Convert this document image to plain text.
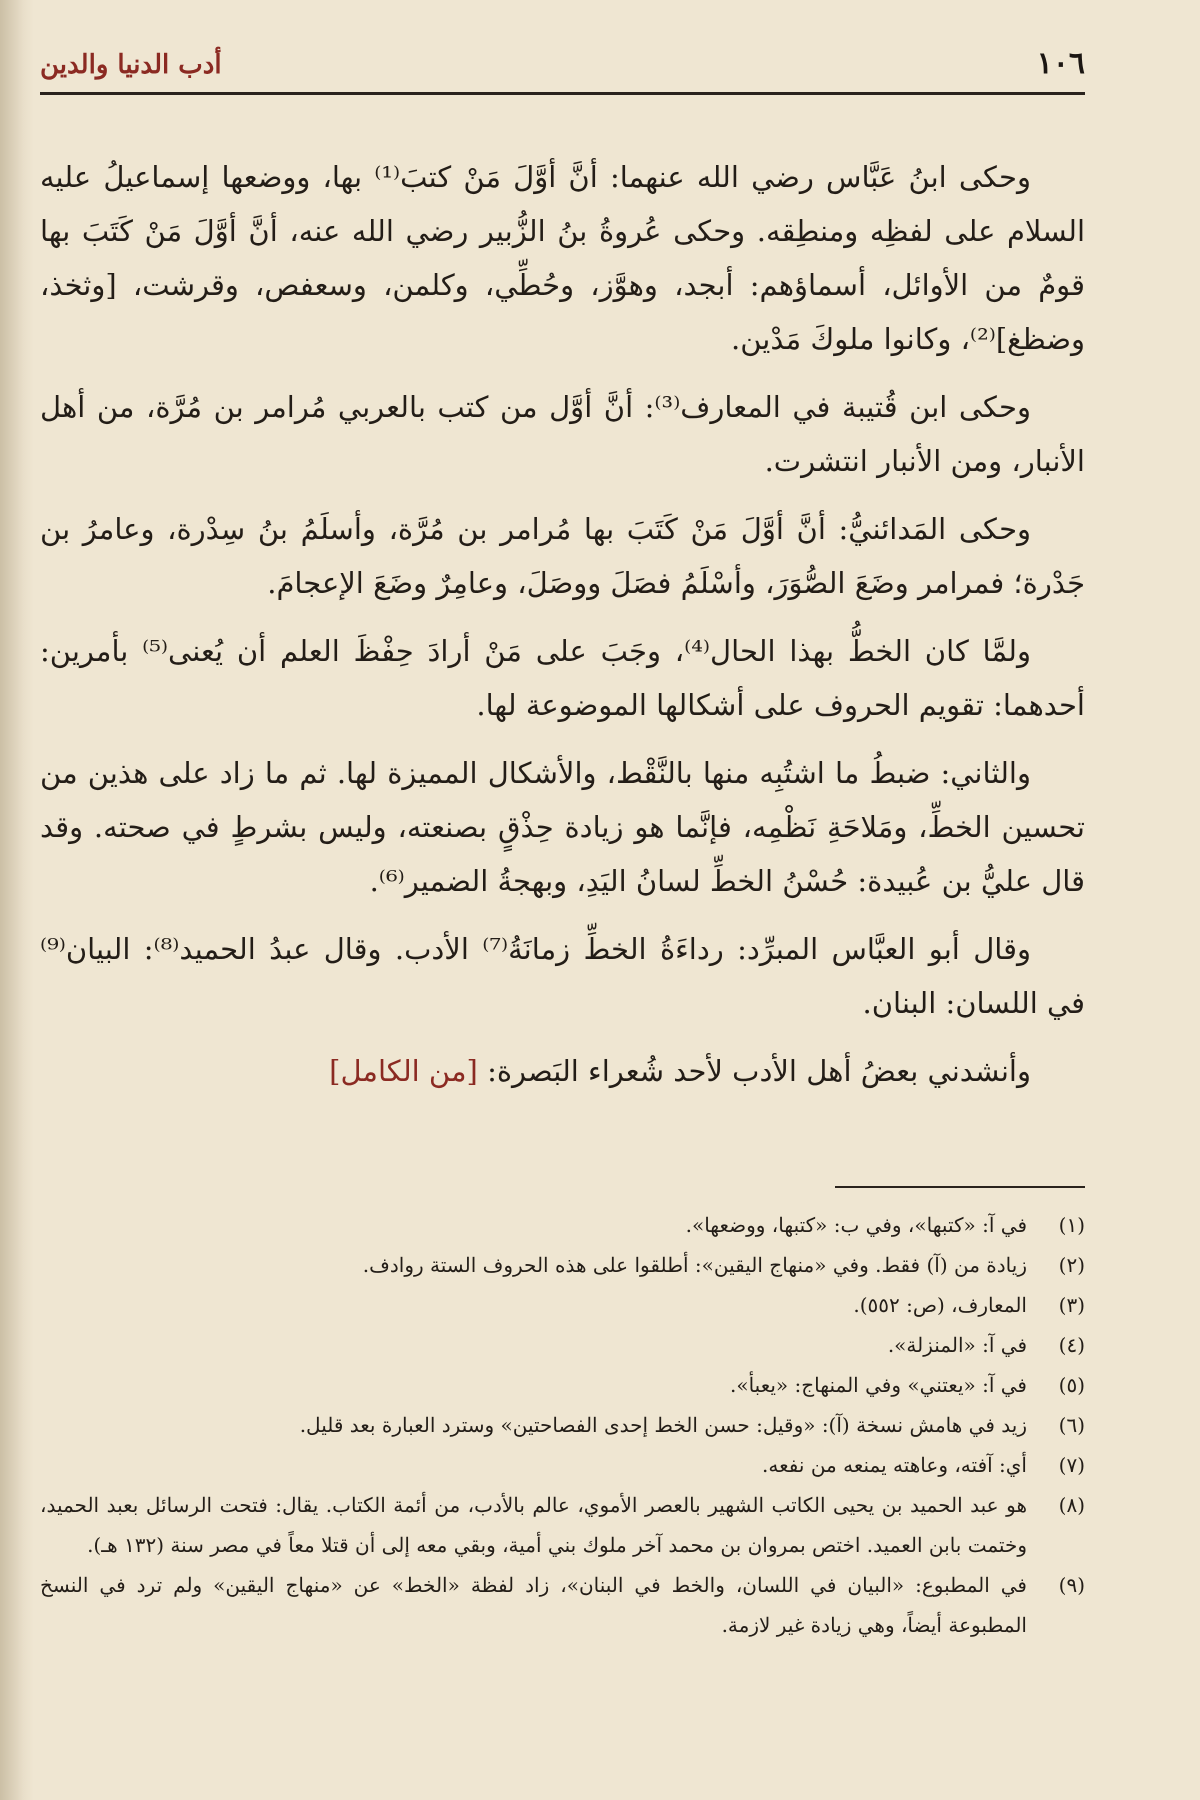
١٠٦
أدب الدنيا والدين

وحكى ابنُ عَبَّاس رضي الله عنهما: أنَّ أوَّلَ مَنْ كتبَ⁽¹⁾ بها، ووضعها إسماعيلُ عليه السلام على لفظِه ومنطِقه. وحكى عُروةُ بنُ الزُّبير رضي الله عنه، أنَّ أوَّلَ مَنْ كَتَبَ بها قومٌ من الأوائل، أسماؤهم: أبجد، وهوَّز، وحُطِّي، وكلمن، وسعفص، وقرشت، [وثخذ، وضظغ]⁽²⁾، وكانوا ملوكَ مَدْين.

وحكى ابن قُتيبة في المعارف⁽³⁾: أنَّ أوَّل من كتب بالعربي مُرامر بن مُرَّة، من أهل الأنبار، ومن الأنبار انتشرت.

وحكى المَدائنيُّ: أنَّ أوَّلَ مَنْ كَتَبَ بها مُرامر بن مُرَّة، وأسلَمُ بنُ سِدْرة، وعامرُ بن جَدْرة؛ فمرامر وضَعَ الصُّوَرَ، وأسْلَمُ فصَلَ ووصَلَ، وعامِرٌ وضَعَ الإعجامَ.

ولمَّا كان الخطُّ بهذا الحال⁽⁴⁾، وجَبَ على مَنْ أرادَ حِفْظَ العلم أن يُعنى⁽⁵⁾ بأمرين: أحدهما: تقويم الحروف على أشكالها الموضوعة لها.

والثاني: ضبطُ ما اشتُبِه منها بالنَّقْط، والأشكال المميزة لها. ثم ما زاد على هذين من تحسين الخطِّ، ومَلاحَةِ نَظْمِه، فإنَّما هو زيادة حِذْقٍ بصنعته، وليس بشرطٍ في صحته. وقد قال عليُّ بن عُبيدة: حُسْنُ الخطِّ لسانُ اليَدِ، وبهجةُ الضمير⁽⁶⁾.

وقال أبو العبَّاس المبرِّد: رداءَةُ الخطِّ زمانَةُ⁽⁷⁾ الأدب. وقال عبدُ الحميد⁽⁸⁾: البيان⁽⁹⁾ في اللسان: البنان.

وأنشدني بعضُ أهل الأدب لأحد شُعراء البَصرة: [من الكامل]

(١)
في آ: «كتبها»، وفي ب: «كتبها، ووضعها».
(٢)
زيادة من (آ) فقط. وفي «منهاج اليقين»: أطلقوا على هذه الحروف الستة روادف.
(٣)
المعارف، (ص: ٥٥٢).
(٤)
في آ: «المنزلة».
(٥)
في آ: «يعتني» وفي المنهاج: «يعبأ».
(٦)
زيد في هامش نسخة (آ): «وقيل: حسن الخط إحدى الفصاحتين» وسترد العبارة بعد قليل.
(٧)
أي: آفته، وعاهته يمنعه من نفعه.
(٨)
هو عبد الحميد بن يحيى الكاتب الشهير بالعصر الأموي، عالم بالأدب، من أئمة الكتاب. يقال: فتحت الرسائل بعبد الحميد، وختمت بابن العميد. اختص بمروان بن محمد آخر ملوك بني أمية، وبقي معه إلى أن قتلا معاً في مصر سنة (١٣٢ هـ).
(٩)
في المطبوع: «البيان في اللسان، والخط في البنان»، زاد لفظة «الخط» عن «منهاج اليقين» ولم ترد في النسخ المطبوعة أيضاً، وهي زيادة غير لازمة.
